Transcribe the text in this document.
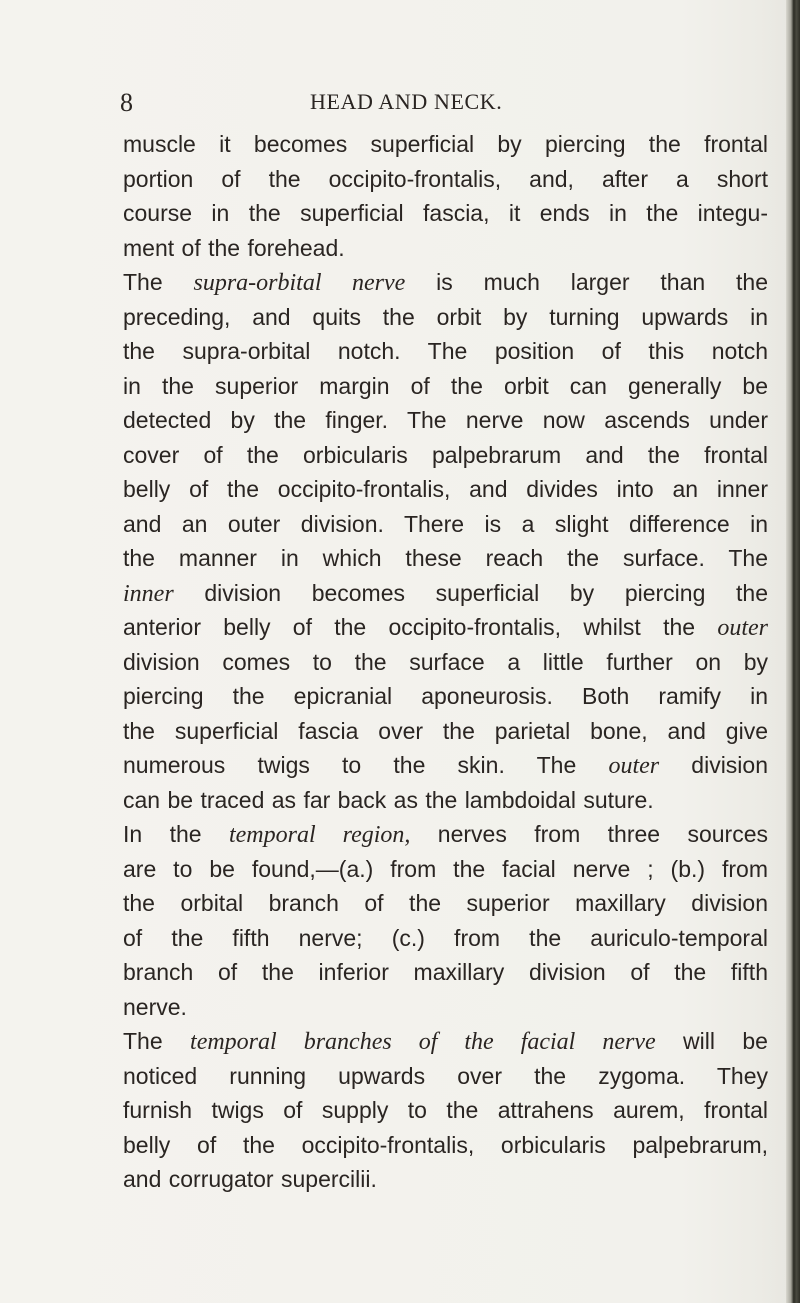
8	HEAD AND NECK.
muscle it becomes superficial by piercing the frontal
portion of the occipito-frontalis, and, after a short
course in the superficial fascia, it ends in the integu-
ment of the forehead.
The supra-orbital nerve is much larger than the
preceding, and quits the orbit by turning upwards in
the supra-orbital notch. The position of this notch
in the superior margin of the orbit can generally be
detected by the finger. The nerve now ascends under
cover of the orbicularis palpebrarum and the frontal
belly of the occipito-frontalis, and divides into an inner
and an outer division. There is a slight difference in
the manner in which these reach the surface. The
inner division becomes superficial by piercing the
anterior belly of the occipito-frontalis, whilst the outer
division comes to the surface a little further on by
piercing the epicranial aponeurosis. Both ramify in
the superficial fascia over the parietal bone, and give
numerous twigs to the skin. The outer division
can be traced as far back as the lambdoidal suture.
In the temporal region, nerves from three sources
are to be found,—(a.) from the facial nerve ; (b.) from
the orbital branch of the superior maxillary division
of the fifth nerve; (c.) from the auriculo-temporal
branch of the inferior maxillary division of the fifth
nerve.
The temporal branches of the facial nerve will be
noticed running upwards over the zygoma. They
furnish twigs of supply to the attrahens aurem, frontal
belly of the occipito-frontalis, orbicularis palpebrarum,
and corrugator supercilii.
